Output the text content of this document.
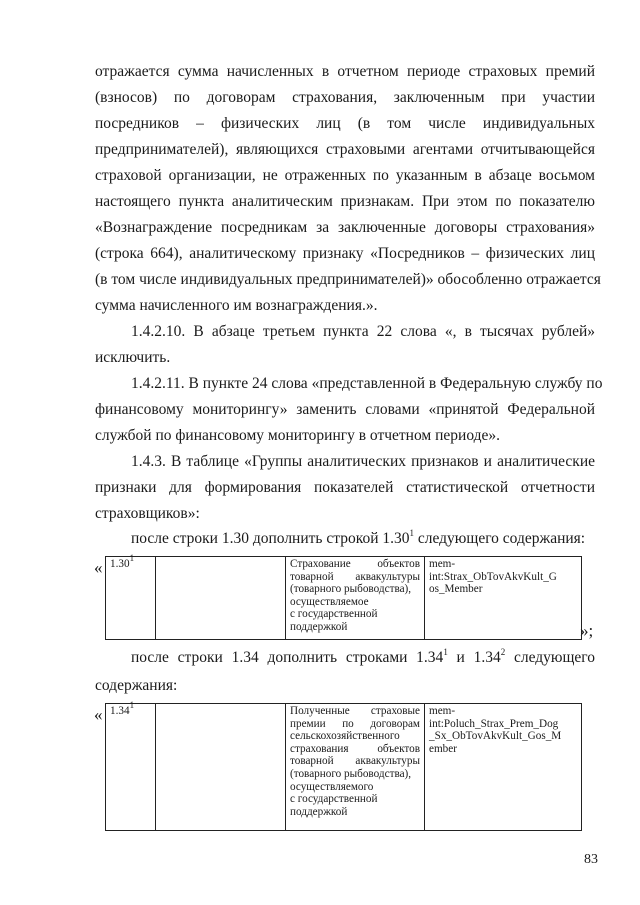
отражается сумма начисленных в отчетном периоде страховых премий
(взносов) по договорам страхования, заключенным при участии
посредников – физических лиц (в том числе индивидуальных
предпринимателей), являющихся страховыми агентами отчитывающейся
страховой организации, не отраженных по указанным в абзаце восьмом
настоящего пункта аналитическим признакам. При этом по показателю
«Вознаграждение посредникам за заключенные договоры страхования»
(строка 664), аналитическому признаку «Посредников – физических лиц
(в том числе индивидуальных предпринимателей)» обособленно отражается
сумма начисленного им вознаграждения.».
1.4.2.10. В абзаце третьем пункта 22 слова «, в тысячах рублей»
исключить.
1.4.2.11. В пункте 24 слова «представленной в Федеральную службу по
финансовому мониторингу» заменить словами «принятой Федеральной
службой по финансовому мониторингу в отчетном периоде».
1.4.3. В таблице «Группы аналитических признаков и аналитические
признаки для формирования показателей статистической отчетности
страховщиков»:
после строки 1.30 дополнить строкой 1.30$^1$ следующего содержания:
« 1.30$^1$	Страхование объектов
товарной аквакультуры
(товарного рыбоводства),
осуществляемое
с государственной
поддержкой
mem-
int:Strax_ObTovAkvKult_G
os_Member
»;
после строки 1.34 дополнить строками 1.34$^1$ и 1.34$^2$ следующего
содержания:
« 1.34$^1$	Полученные страховые
премии по договорам
сельскохозяйственного
страхования объектов
товарной аквакультуры
(товарного рыбоводства),
осуществляемого
с государственной
поддержкой
mem-
int:Poluch_Strax_Prem_Dog
_Sx_ObTovAkvKult_Gos_M
ember
83
